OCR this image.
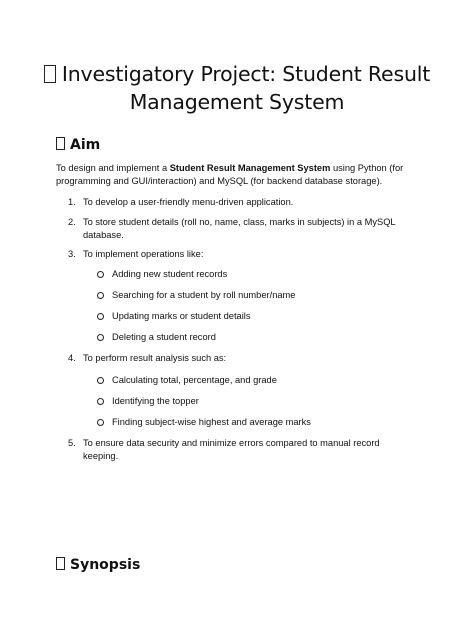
Investigatory Project: Student Result Management System
Aim
To design and implement a Student Result Management System using Python (for programming and GUI/interaction) and MySQL (for backend database storage).
1. To develop a user-friendly menu-driven application.
2. To store student details (roll no, name, class, marks in subjects) in a MySQL database.
3. To implement operations like:
Adding new student records
Searching for a student by roll number/name
Updating marks or student details
Deleting a student record
4. To perform result analysis such as:
Calculating total, percentage, and grade
Identifying the topper
Finding subject-wise highest and average marks
5. To ensure data security and minimize errors compared to manual record keeping.
Synopsis
